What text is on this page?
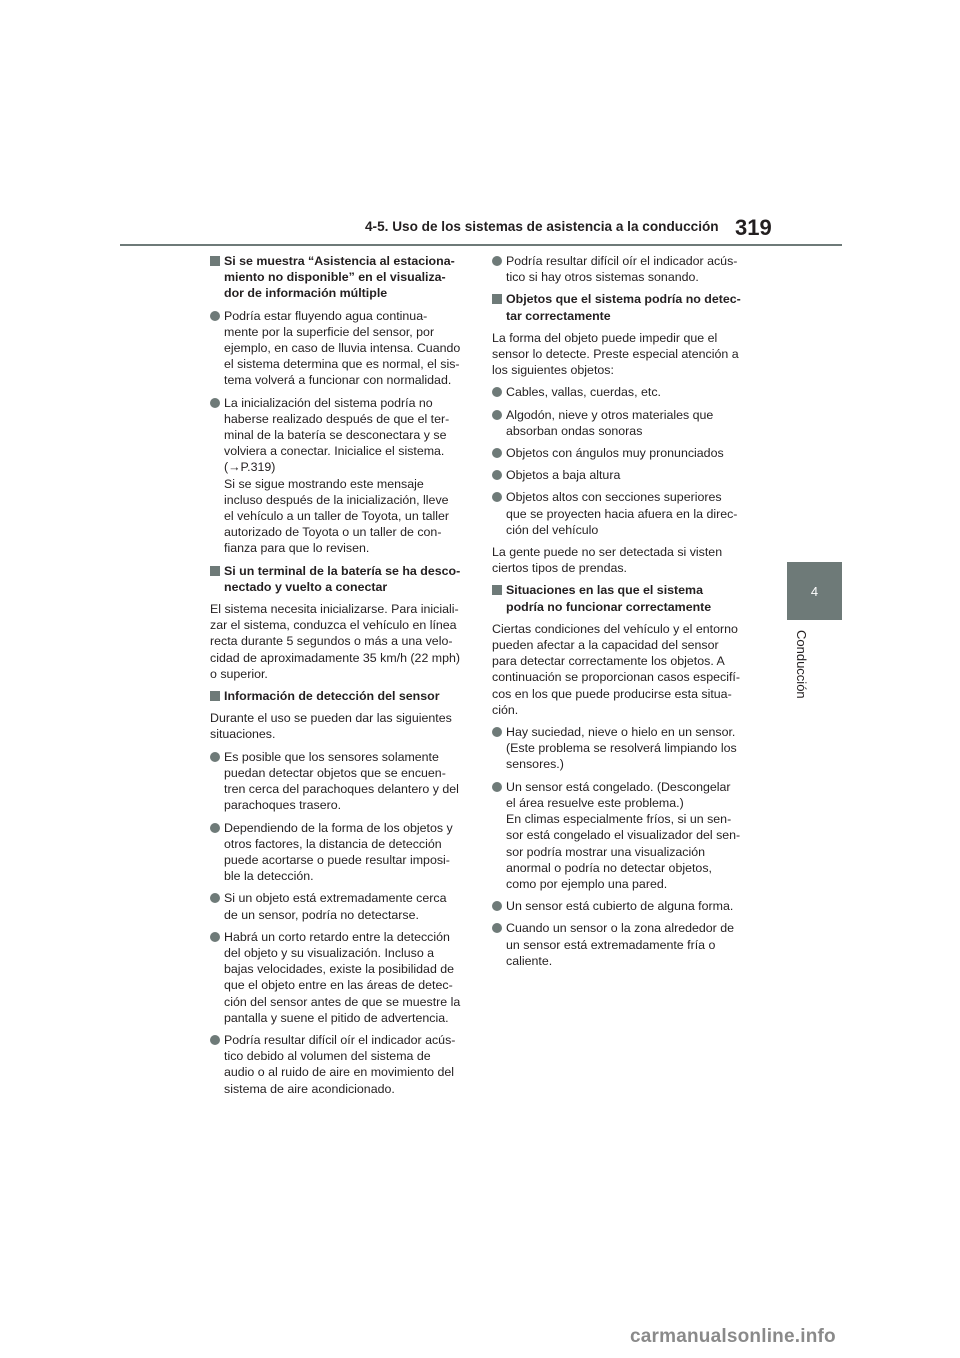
4-5. Uso de los sistemas de asistencia a la conducción 319
4
Conducción
Si se muestra “Asistencia al estaciona-
miento no disponible” en el visualiza-
dor de información múltiple
Podría estar fluyendo agua continua-
mente por la superficie del sensor, por
ejemplo, en caso de lluvia intensa. Cuando
el sistema determina que es normal, el sis-
tema volverá a funcionar con normalidad.
La inicialización del sistema podría no
haberse realizado después de que el ter-
minal de la batería se desconectara y se
volviera a conectar. Inicialice el sistema.
(→P.319)
Si se sigue mostrando este mensaje
incluso después de la inicialización, lleve
el vehículo a un taller de Toyota, un taller
autorizado de Toyota o un taller de con-
fianza para que lo revisen.
Si un terminal de la batería se ha desco-
nectado y vuelto a conectar
El sistema necesita inicializarse. Para iniciali-
zar el sistema, conduzca el vehículo en línea
recta durante 5 segundos o más a una velo-
cidad de aproximadamente 35 km/h (22 mph)
o superior.
Información de detección del sensor
Durante el uso se pueden dar las siguientes
situaciones.
Es posible que los sensores solamente
puedan detectar objetos que se encuen-
tren cerca del parachoques delantero y del
parachoques trasero.
Dependiendo de la forma de los objetos y
otros factores, la distancia de detección
puede acortarse o puede resultar imposi-
ble la detección.
Si un objeto está extremadamente cerca
de un sensor, podría no detectarse.
Habrá un corto retardo entre la detección
del objeto y su visualización. Incluso a
bajas velocidades, existe la posibilidad de
que el objeto entre en las áreas de detec-
ción del sensor antes de que se muestre la
pantalla y suene el pitido de advertencia.
Podría resultar difícil oír el indicador acús-
tico debido al volumen del sistema de
audio o al ruido de aire en movimiento del
sistema de aire acondicionado.
Podría resultar difícil oír el indicador acús-
tico si hay otros sistemas sonando.
Objetos que el sistema podría no detec-
tar correctamente
La forma del objeto puede impedir que el
sensor lo detecte. Preste especial atención a
los siguientes objetos:
Cables, vallas, cuerdas, etc.
Algodón, nieve y otros materiales que
absorban ondas sonoras
Objetos con ángulos muy pronunciados
Objetos a baja altura
Objetos altos con secciones superiores
que se proyecten hacia afuera en la direc-
ción del vehículo
La gente puede no ser detectada si visten
ciertos tipos de prendas.
Situaciones en las que el sistema
podría no funcionar correctamente
Ciertas condiciones del vehículo y el entorno
pueden afectar a la capacidad del sensor
para detectar correctamente los objetos. A
continuación se proporcionan casos especifí-
cos en los que puede producirse esta situa-
ción.
Hay suciedad, nieve o hielo en un sensor.
(Este problema se resolverá limpiando los
sensores.)
Un sensor está congelado. (Descongelar
el área resuelve este problema.)
En climas especialmente fríos, si un sen-
sor está congelado el visualizador del sen-
sor podría mostrar una visualización
anormal o podría no detectar objetos,
como por ejemplo una pared.
Un sensor está cubierto de alguna forma.
Cuando un sensor o la zona alrededor de
un sensor está extremadamente fría o
caliente.
carmanualsonline.info
